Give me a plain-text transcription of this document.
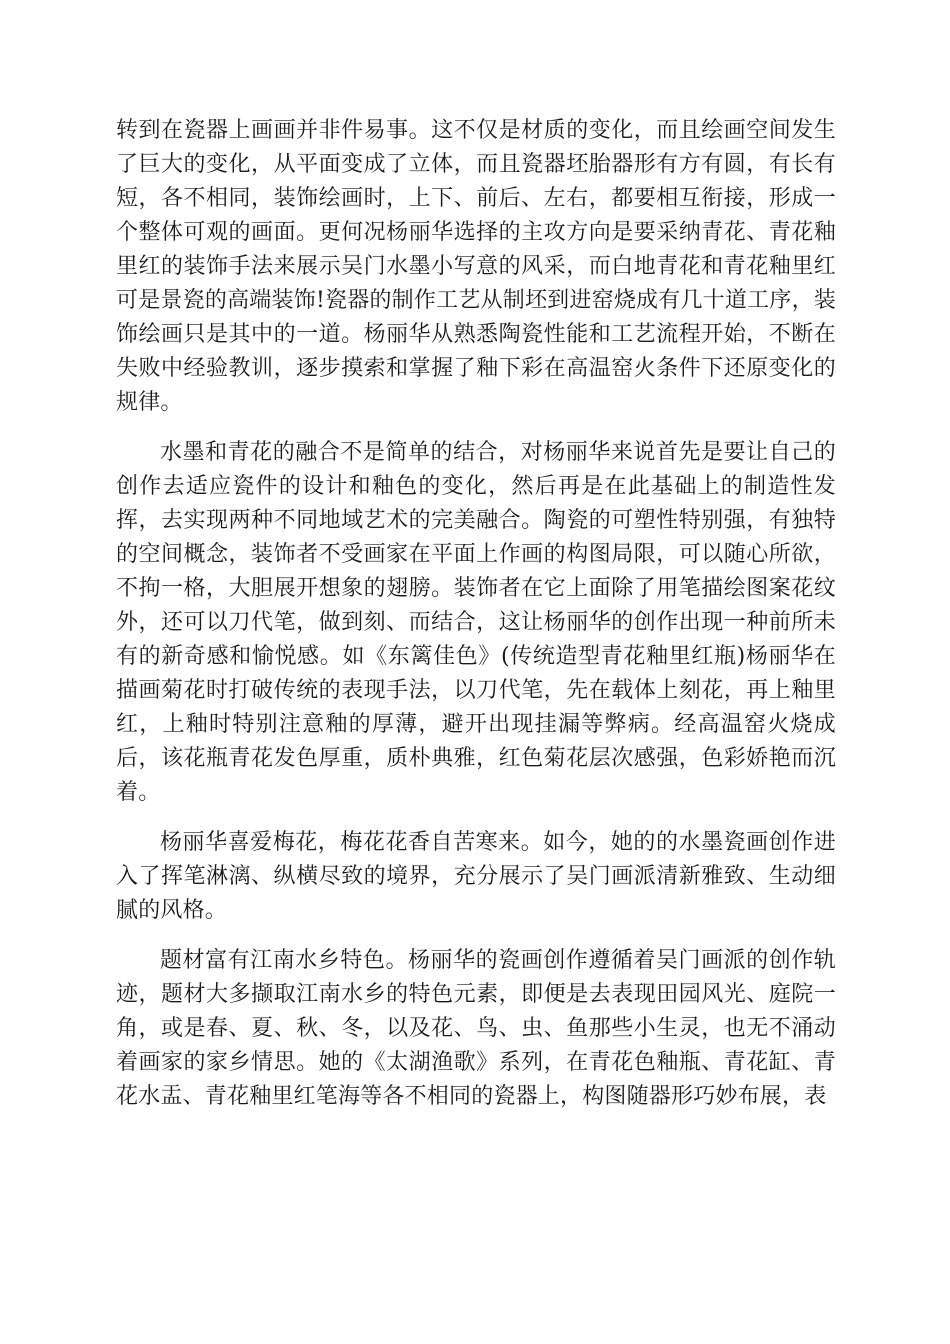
转到在瓷器上画画并非件易事。这不仅是材质的变化，而且绘画空间发生了巨大的变化，从平面变成了立体，而且瓷器坯胎器形有方有圆，有长有短，各不相同，装饰绘画时，上下、前后、左右，都要相互衔接，形成一个整体可观的画面。更何况杨丽华选择的主攻方向是要采纳青花、青花釉里红的装饰手法来展示吴门水墨小写意的风采，而白地青花和青花釉里红可是景瓷的高端装饰!瓷器的制作工艺从制坯到进窑烧成有几十道工序，装饰绘画只是其中的一道。杨丽华从熟悉陶瓷性能和工艺流程开始，不断在失败中经验教训，逐步摸索和掌握了釉下彩在高温窑火条件下还原变化的规律。

水墨和青花的融合不是简单的结合，对杨丽华来说首先是要让自己的创作去适应瓷件的设计和釉色的变化，然后再是在此基础上的制造性发挥，去实现两种不同地域艺术的完美融合。陶瓷的可塑性特别强，有独特的空间概念，装饰者不受画家在平面上作画的构图局限，可以随心所欲，不拘一格，大胆展开想象的翅膀。装饰者在它上面除了用笔描绘图案花纹外，还可以刀代笔，做到刻、而结合，这让杨丽华的创作出现一种前所未有的新奇感和愉悦感。如《东篱佳色》(传统造型青花釉里红瓶)杨丽华在描画菊花时打破传统的表现手法，以刀代笔，先在载体上刻花，再上釉里红，上釉时特别注意釉的厚薄，避开出现挂漏等弊病。经高温窑火烧成后，该花瓶青花发色厚重，质朴典雅，红色菊花层次感强，色彩娇艳而沉着。

杨丽华喜爱梅花，梅花花香自苦寒来。如今，她的的水墨瓷画创作进入了挥笔淋漓、纵横尽致的境界，充分展示了吴门画派清新雅致、生动细腻的风格。

题材富有江南水乡特色。杨丽华的瓷画创作遵循着吴门画派的创作轨迹，题材大多撷取江南水乡的特色元素，即便是去表现田园风光、庭院一角，或是春、夏、秋、冬，以及花、鸟、虫、鱼那些小生灵，也无不涌动着画家的家乡情思。她的《太湖渔歌》系列，在青花色釉瓶、青花缸、青花水盂、青花釉里红笔海等各不相同的瓷器上，构图随器形巧妙布展，表
